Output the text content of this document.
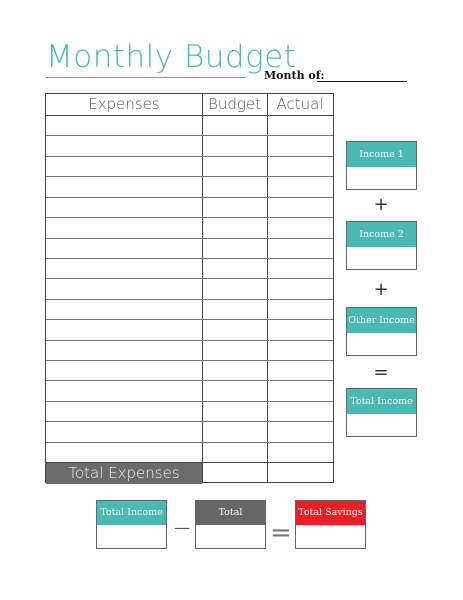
Monthly Budget
Month of:
Expenses	Budget	Actual
Total Expenses
Income 1
+
Income 2
+
Other Income
=
Total Income
Total Income
—
Total Expenses =
Total Savings
